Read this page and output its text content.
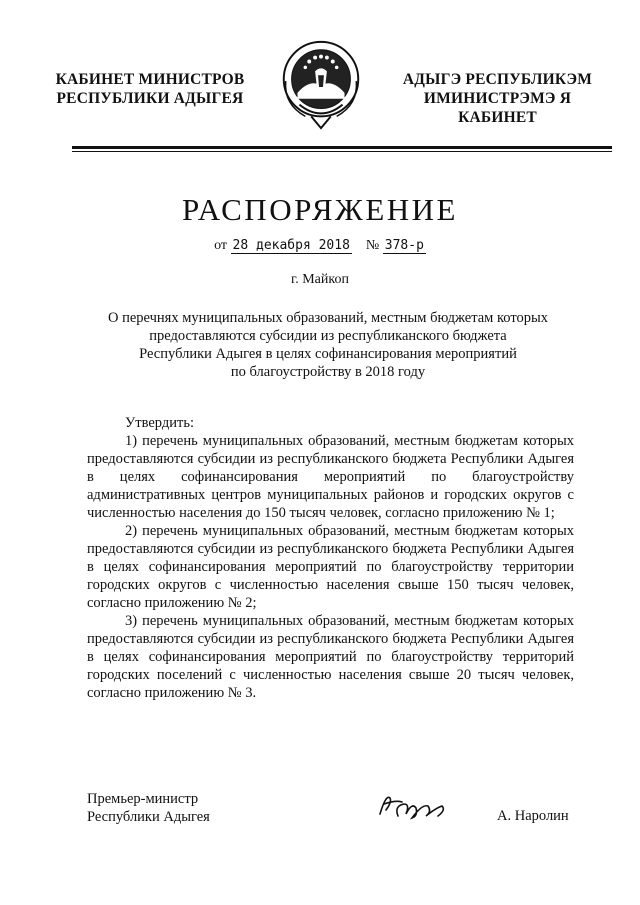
КАБИНЕТ МИНИСТРОВ
РЕСПУБЛИКИ АДЫГЕЯ
АДЫГЭ РЕСПУБЛИКЭМ
ИМИНИСТРЭМЭ Я КАБИНЕТ
РАСПОРЯЖЕНИЕ
от 28 декабря 2018 № 378-р
г. Майкоп
О перечнях муниципальных образований, местным бюджетам которых
предоставляются субсидии из республиканского бюджета
Республики Адыгея в целях софинансирования мероприятий
по благоустройству в 2018 году

Утвердить:

1) перечень муниципальных образований, местным бюджетам которых предоставляются субсидии из республиканского бюджета Республики Адыгея в целях софинансирования мероприятий по благоустройству административных центров муниципальных районов и городских округов с численностью населения до 150 тысяч человек, согласно приложению № 1;

2) перечень муниципальных образований, местным бюджетам которых предоставляются субсидии из республиканского бюджета Республики Адыгея в целях софинансирования мероприятий по благоустройству территории городских округов с численностью населения свыше 150 тысяч человек, согласно приложению № 2;

3) перечень муниципальных образований, местным бюджетам которых предоставляются субсидии из республиканского бюджета Республики Адыгея в целях софинансирования мероприятий по благоустройству территорий городских поселений с численностью населения свыше 20 тысяч человек, согласно приложению № 3.

Премьер-министр
Республики Адыгея	А. Наролин
